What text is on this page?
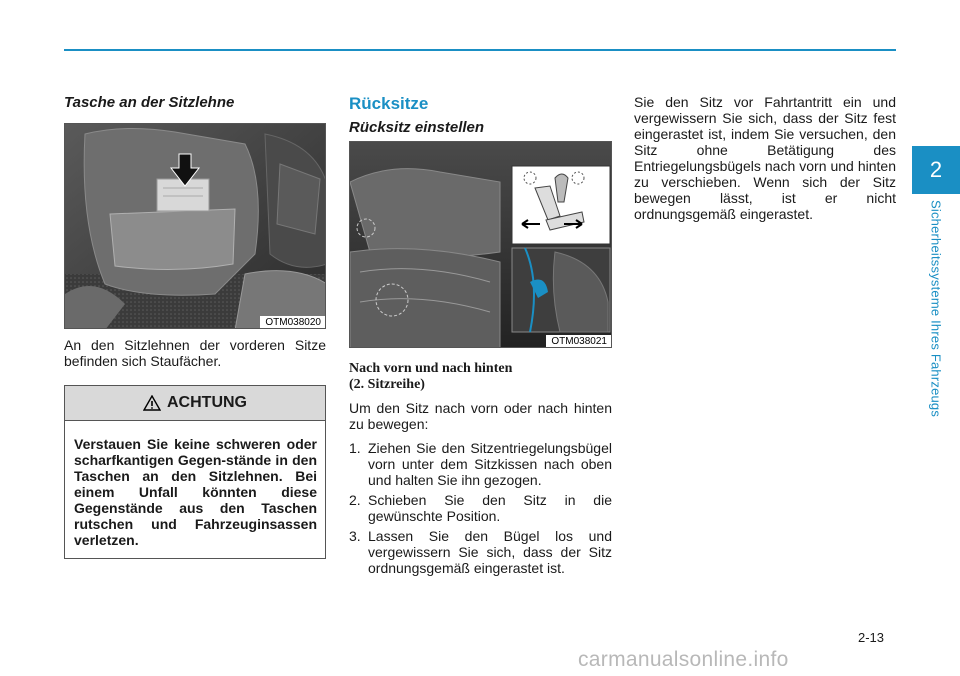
2
Sicherheitssysteme Ihres Fahrzeugs
Tasche an der Sitzlehne
OTM038020

An den Sitzlehnen der vorderen Sitze befinden sich Staufächer.

ACHTUNG
Verstauen Sie keine schweren oder scharfkantigen Gegen-stände in den Taschen an den Sitzlehnen. Bei einem Unfall könnten diese Gegenstände aus den Taschen rutschen und Fahrzeuginsassen verletzen.
Rücksitze
Rücksitz einstellen
OTM038021
Nach vorn und nach hinten
(2. Sitzreihe)

Um den Sitz nach vorn oder nach hinten zu bewegen:

1. Ziehen Sie den Sitzentriegelungsbügel vorn unter dem Sitzkissen nach oben und halten Sie ihn gezogen.
2. Schieben Sie den Sitz in die gewünschte Position.
3. Lassen Sie den Bügel los und vergewissern Sie sich, dass der Sitz ordnungsgemäß eingerastet ist.

Sie den Sitz vor Fahrtantritt ein und vergewissern Sie sich, dass der Sitz fest eingerastet ist, indem Sie versuchen, den Sitz ohne Betätigung des Entriegelungsbügels nach vorn und hinten zu verschieben. Wenn sich der Sitz bewegen lässt, ist er nicht ordnungsgemäß eingerastet.

2-13
carmanualsonline.info
